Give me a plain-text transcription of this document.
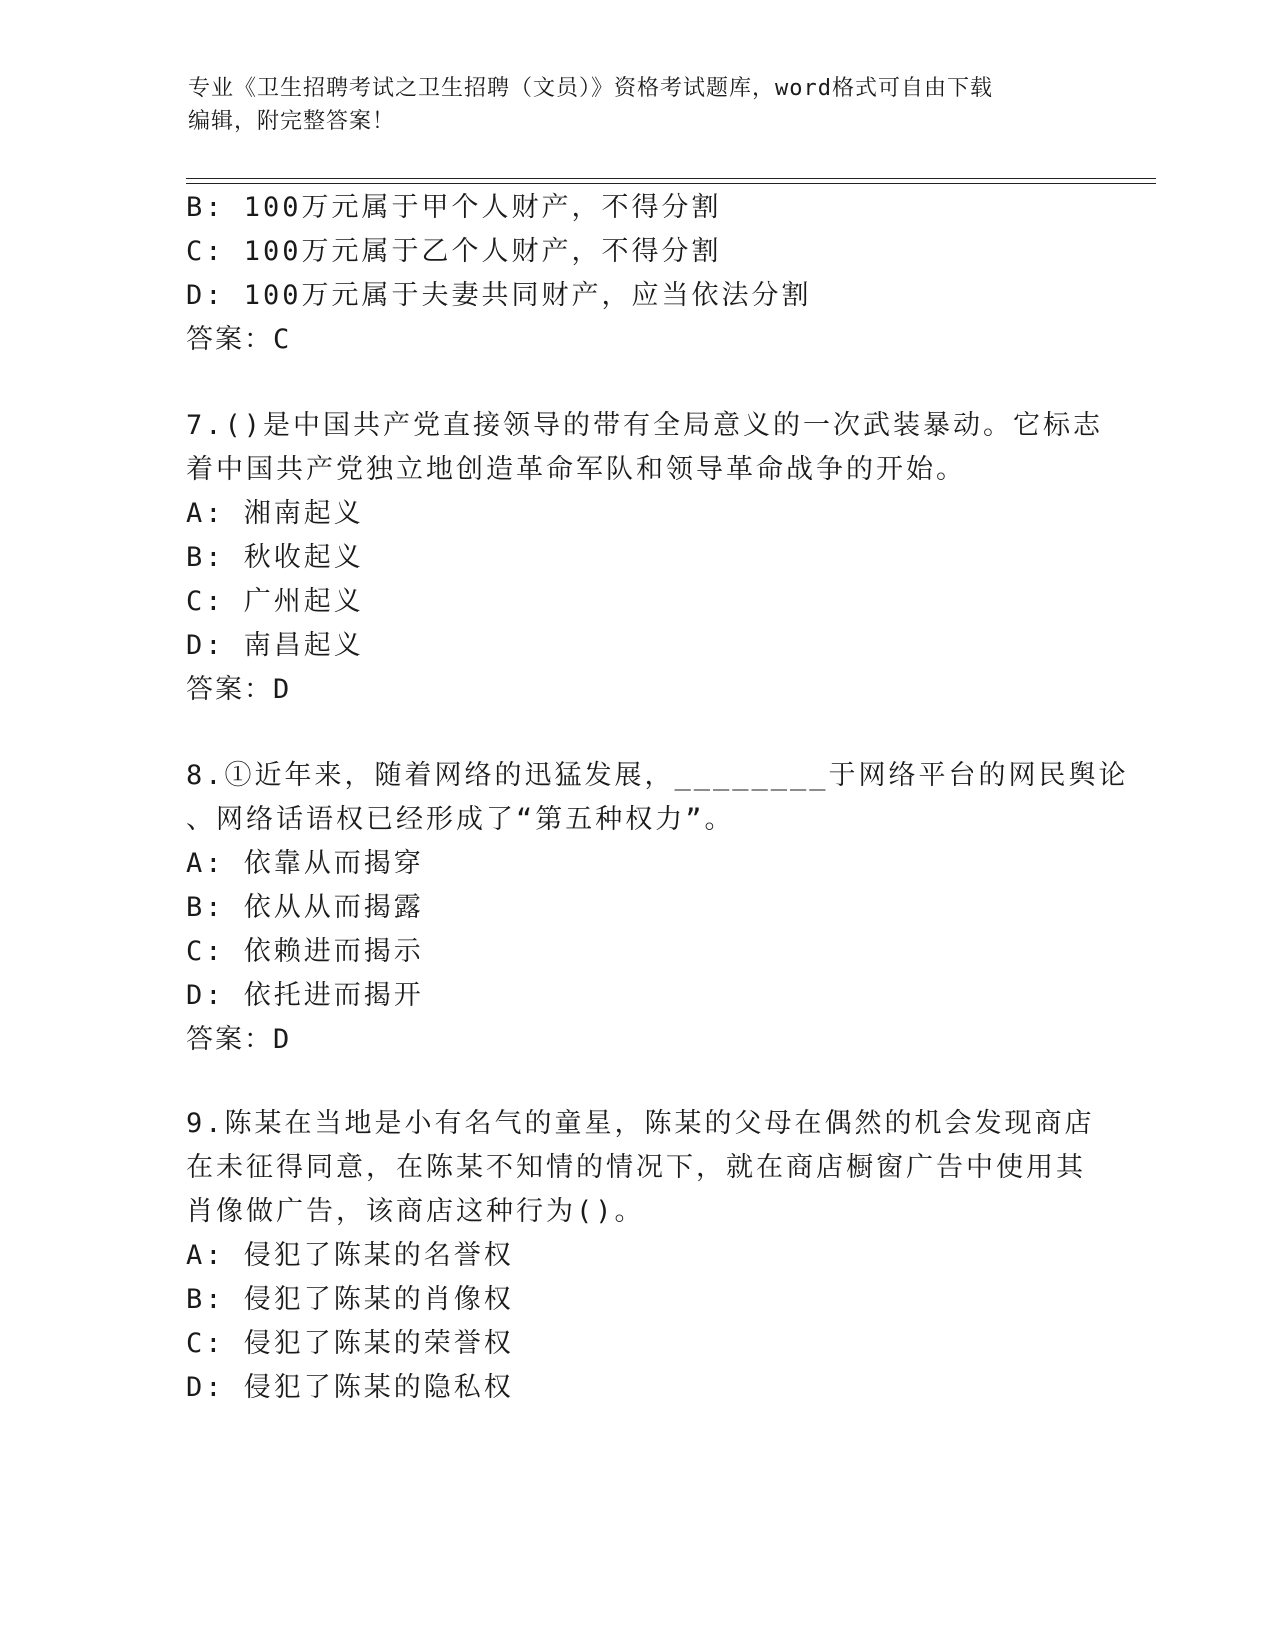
专业《卫生招聘考试之卫生招聘（文员）》资格考试题库，word格式可自由下载
编辑，附完整答案！
B: 100万元属于甲个人财产，不得分割
C: 100万元属于乙个人财产，不得分割
D: 100万元属于夫妻共同财产，应当依法分割
答案：C
7.()是中国共产党直接领导的带有全局意义的一次武装暴动。它标志
着中国共产党独立地创造革命军队和领导革命战争的开始。
A: 湘南起义
B: 秋收起义
C: 广州起义
D: 南昌起义
答案：D
8.①近年来，随着网络的迅猛发展，________于网络平台的网民舆论
、网络话语权已经形成了“第五种权力”。
A: 依靠从而揭穿
B: 依从从而揭露
C: 依赖进而揭示
D: 依托进而揭开
答案：D
9.陈某在当地是小有名气的童星，陈某的父母在偶然的机会发现商店
在未征得同意，在陈某不知情的情况下，就在商店橱窗广告中使用其
肖像做广告，该商店这种行为()。
A: 侵犯了陈某的名誉权
B: 侵犯了陈某的肖像权
C: 侵犯了陈某的荣誉权
D: 侵犯了陈某的隐私权
